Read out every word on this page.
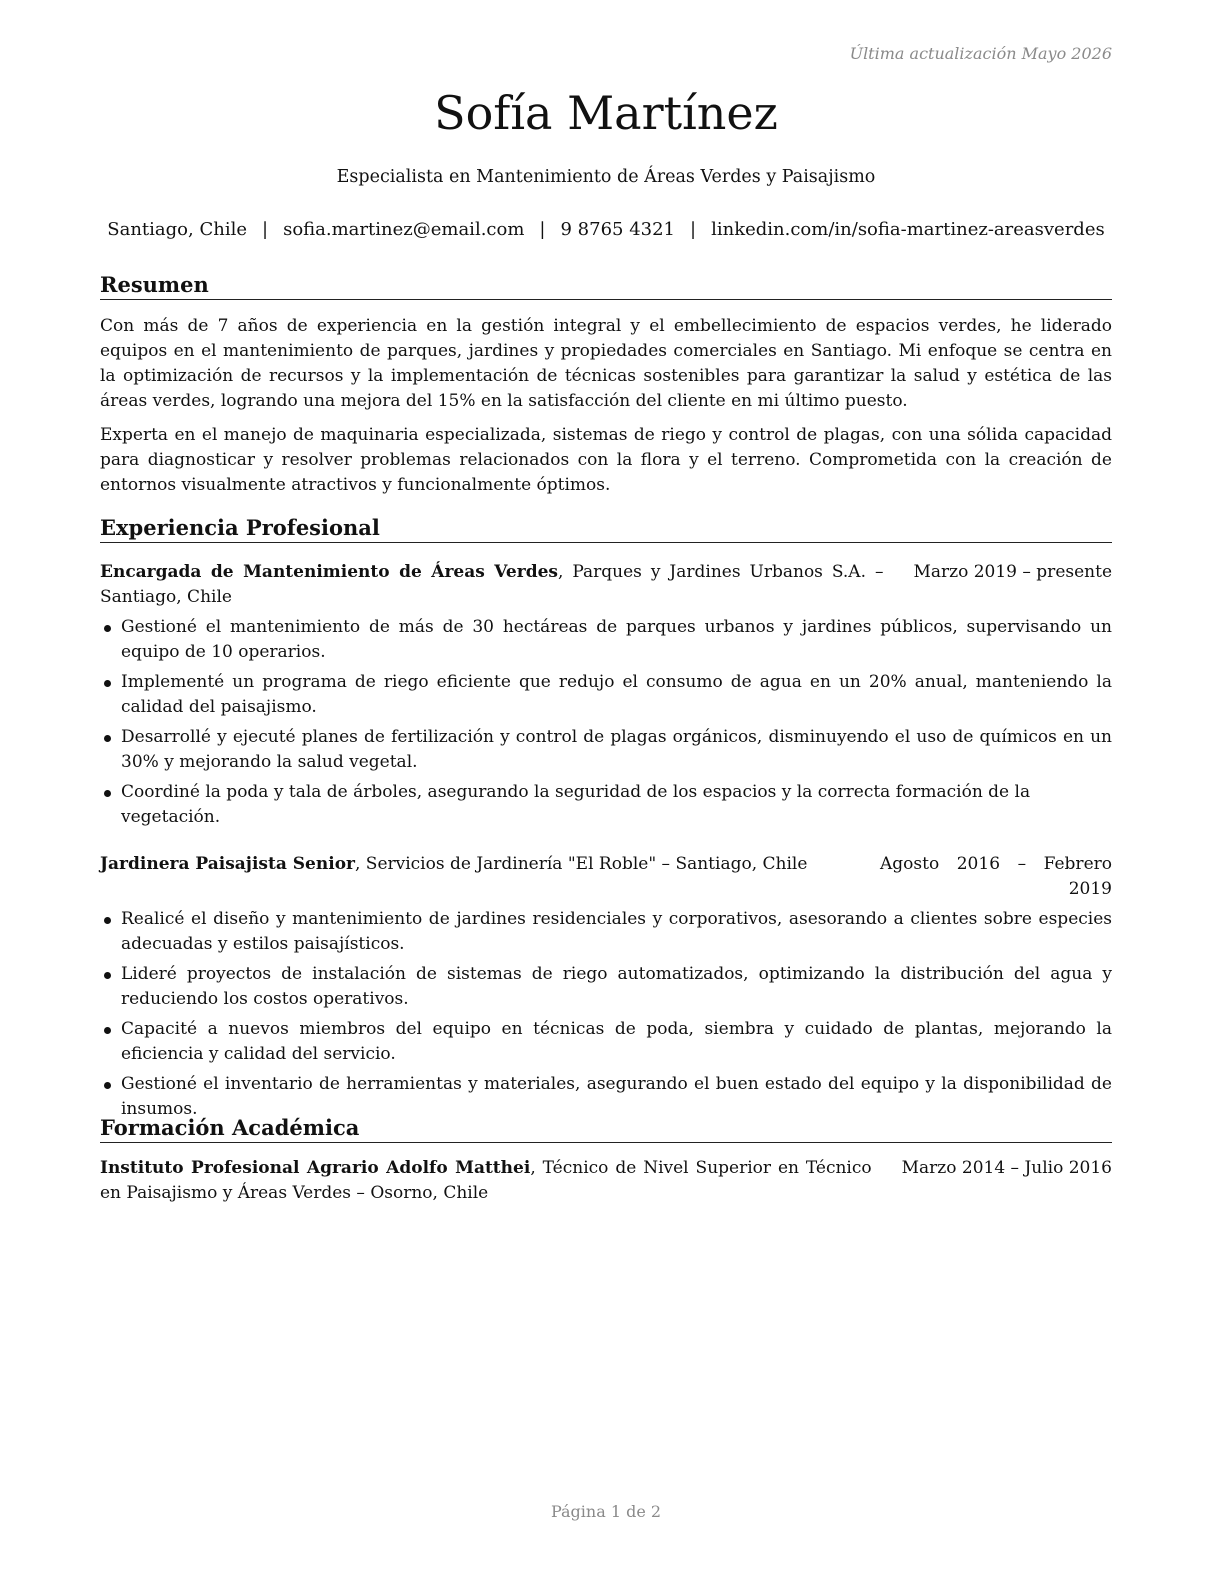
Última actualización Mayo 2026
Sofía Martínez
Especialista en Mantenimiento de Áreas Verdes y Paisajismo
Santiago, Chile | sofia.martinez@email.com | 9 8765 4321 | linkedin.com/in/sofia-martinez-areasverdes
Resumen

Con más de 7 años de experiencia en la gestión integral y el embellecimiento de espacios verdes, he liderado equipos en el mantenimiento de parques, jardines y propiedades comerciales en Santiago. Mi enfoque se centra en la optimización de recursos y la implementación de técnicas sostenibles para garantizar la salud y estética de las áreas verdes, logrando una mejora del 15% en la satisfacción del cliente en mi último puesto.

Experta en el manejo de maquinaria especializada, sistemas de riego y control de plagas, con una sólida capacidad para diagnosticar y resolver problemas relacionados con la flora y el terreno. Comprometida con la creación de entornos visualmente atractivos y funcionalmente óptimos.

Experiencia Profesional
Encargada de Mantenimiento de Áreas Verdes, Parques y Jardines Urbanos S.A. – Santiago, Chile
Marzo 2019 – presente
Gestioné el mantenimiento de más de 30 hectáreas de parques urbanos y jardines públicos, supervisando un equipo de 10 operarios.
Implementé un programa de riego eficiente que redujo el consumo de agua en un 20% anual, manteniendo la calidad del paisajismo.
Desarrollé y ejecuté planes de fertilización y control de plagas orgánicos, disminuyendo el uso de químicos en un 30% y mejorando la salud vegetal.
Coordiné la poda y tala de árboles, asegurando la seguridad de los espacios y la correcta formación de la vegetación.
Jardinera Paisajista Senior, Servicios de Jardinería "El Roble" – Santiago, Chile	Agosto 2016 – Febrero 2019
Realicé el diseño y mantenimiento de jardines residenciales y corporativos, asesorando a clientes sobre especies adecuadas y estilos paisajísticos.
Lideré proyectos de instalación de sistemas de riego automatizados, optimizando la distribución del agua y reduciendo los costos operativos.
Capacité a nuevos miembros del equipo en técnicas de poda, siembra y cuidado de plantas, mejorando la eficiencia y calidad del servicio.
Gestioné el inventario de herramientas y materiales, asegurando el buen estado del equipo y la disponibilidad de insumos.
Formación Académica
Instituto Profesional Agrario Adolfo Matthei, Técnico de Nivel Superior en Técnico en Paisajismo y Áreas Verdes – Osorno, Chile
Marzo 2014 – Julio 2016
Página 1 de 2
